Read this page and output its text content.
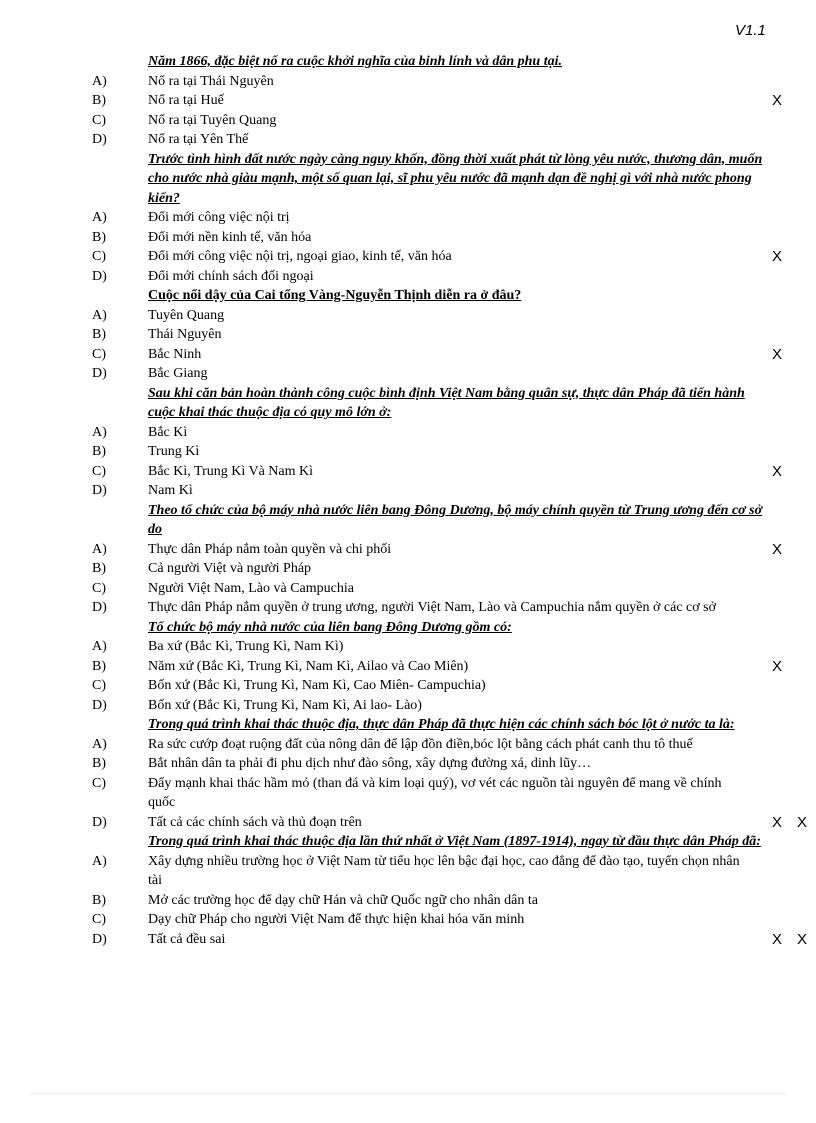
V1.1
Năm 1866, đặc biệt nổ ra cuộc khởi nghĩa của binh lính và dân phu tại.
A)	Nổ ra tại Thái Nguyên
B)	Nổ ra tại Huế	X
C)	Nổ ra tại Tuyên Quang
D)	Nổ ra tại Yên Thế
Trước tình hình đất nước ngày càng nguy khốn, đồng thời xuất phát từ lòng yêu nước, thương dân, muốn cho nước nhà giàu mạnh, một số quan lại, sĩ phu yêu nước đã mạnh dạn đề nghị gì với nhà nước phong kiến?
A)	Đổi mới công việc nội trị
B)	Đổi mới nền kinh tế, văn hóa
C)	Đổi mới công việc nội trị, ngoại giao, kinh tế, văn hóa	X
D)	Đổi mới chính sách đối ngoại
Cuộc nổi dậy của Cai tổng Vàng-Nguyễn Thịnh diễn ra ở đâu?
A)	Tuyên Quang
B)	Thái Nguyên
C)	Bắc Ninh	X
D)	Bắc Giang
Sau khi căn bản hoàn thành công cuộc bình định Việt Nam bằng quân sự, thực dân Pháp đã tiến hành cuộc khai thác thuộc địa có quy mô lớn ở:
A)	Bắc Kì
B)	Trung Kì
C)	Bắc Kì, Trung Kì Và Nam Kì	X
D)	Nam Kì
Theo tổ chức của bộ máy nhà nước liên bang Đông Dương, bộ máy chính quyền từ Trung ương đến cơ sở do
A)	Thực dân Pháp nắm toàn quyền và chi phối	X
B)	Cả người Việt và người Pháp
C)	Người Việt Nam, Lào và Campuchia
D)	Thực dân Pháp nắm quyền ở trung ương, người Việt Nam, Lào và Campuchia nắm quyền ở các cơ sở
Tổ chức bộ máy nhà nước của liên bang Đông Dương gồm có:
A)	Ba xứ (Bắc Kì, Trung Kì, Nam Kì)
B)	Năm xứ (Bắc Kì, Trung Kì, Nam Kì, Ailao và Cao Miên)	X
C)	Bốn xứ (Bắc Kì, Trung Kì, Nam Kì, Cao Miên- Campuchia)
D)	Bốn xứ (Bắc Kì, Trung Kì, Nam Kì, Ai lao- Lào)
Trong quá trình khai thác thuộc địa, thực dân Pháp đã thực hiện các chính sách bóc lột ở nước ta là:
A)	Ra sức cướp đoạt ruộng đất của nông dân để lập đồn điền,bóc lột bằng cách phát canh thu tô thuế
B)	Bắt nhân dân ta phải đi phu dịch như đào sông, xây dựng đường xá, dinh lũy…
C)	Đẩy mạnh khai thác hầm mỏ (than đá và kim loại quý), vơ vét các nguồn tài nguyên để mang về chính quốc
D)	Tất cả các chính sách và thủ đoạn trên	X X
Trong quá trình khai thác thuộc địa lần thứ nhất ở Việt Nam (1897-1914), ngay từ đầu thực dân Pháp đã:
A)	Xây dựng nhiều trường học ở Việt Nam từ tiểu học lên bậc đại học, cao đẳng để đào tạo, tuyển chọn nhân tài
B)	Mở các trường học để dạy chữ Hán và chữ Quốc ngữ cho nhân dân ta
C)	Dạy chữ Pháp cho người Việt Nam để thực hiện khai hóa văn minh
D)	Tất cả đều sai	X X
